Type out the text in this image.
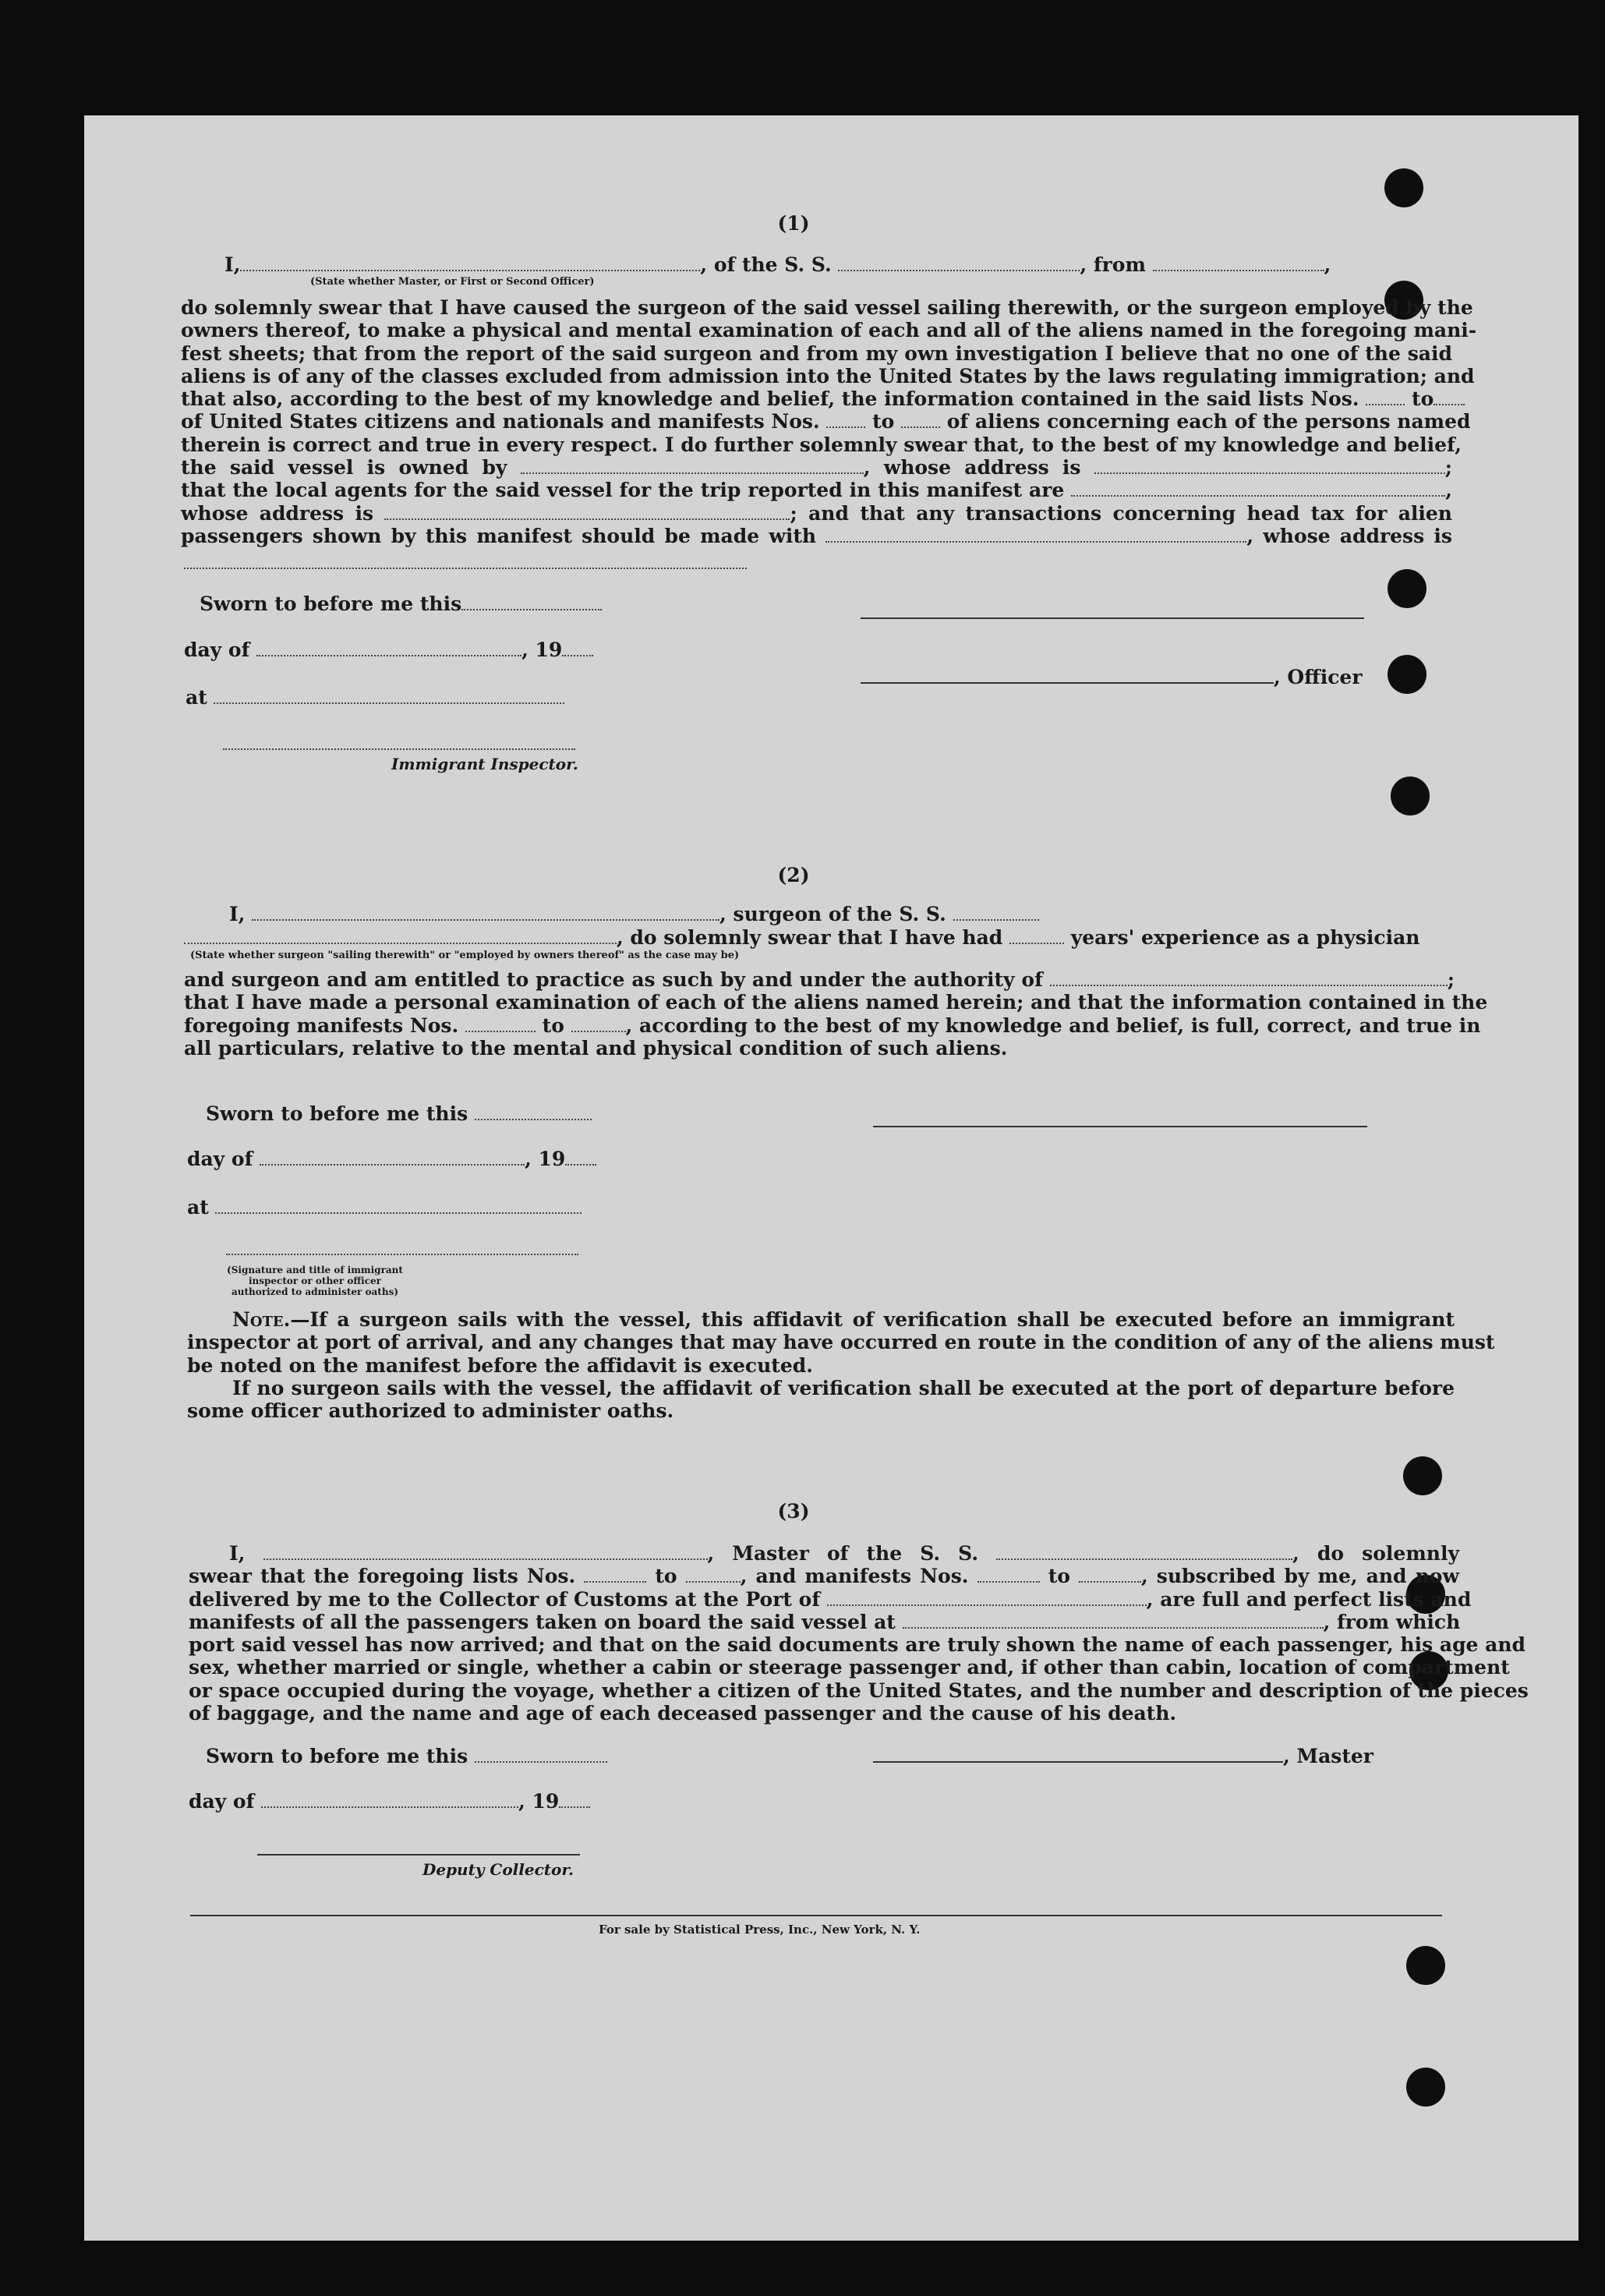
(1)
I,	, of the S. S.	, from	,
(State whether Master, or First or Second Officer)
do solemnly swear that I have caused the surgeon of the said vessel sailing therewith, or the surgeon employed by the
owners thereof, to make a physical and mental examination of each and all of the aliens named in the foregoing mani-
fest sheets; that from the report of the said surgeon and from my own investigation I believe that no one of the said
aliens is of any of the classes excluded from admission into the United States by the laws regulating immigration; and
that also, according to the best of my knowledge and belief, the information contained in the said lists Nos.	to
of United States citizens and nationals and manifests Nos.	to	of aliens concerning each of the persons named
therein is correct and true in every respect. I do further solemnly swear that, to the best of my knowledge and belief,
the said vessel is owned by	, whose address is	;
that the local agents for the said vessel for the trip reported in this manifest are	,
whose address is	; and that any transactions concerning head tax for alien
passengers shown by this manifest should be made with	, whose address is
Sworn to before me this
day of	, 19
, Officer
at
Immigrant Inspector.
(2)
I,	, surgeon of the S. S.
, do solemnly swear that I have had	years' experience as a physician
(State whether surgeon "sailing therewith" or "employed by owners thereof" as the case may be)
and surgeon and am entitled to practice as such by and under the authority of	;
that I have made a personal examination of each of the aliens named herein; and that the information contained in the
foregoing manifests Nos.	to	, according to the best of my knowledge and belief, is full, correct, and true in
all particulars, relative to the mental and physical condition of such aliens.
Sworn to before me this
day of	, 19
at
(Signature and title of immigrant inspector or other officer authorized to administer oaths)
Note.—If a surgeon sails with the vessel, this affidavit of verification shall be executed before an immigrant
inspector at port of arrival, and any changes that may have occurred en route in the condition of any of the aliens must
be noted on the manifest before the affidavit is executed.
If no surgeon sails with the vessel, the affidavit of verification shall be executed at the port of departure before
some officer authorized to administer oaths.
(3)
I,	, Master of the S. S.	, do solemnly
swear that the foregoing lists Nos.	to	, and manifests Nos.	to	, subscribed by me, and now
delivered by me to the Collector of Customs at the Port of	, are full and perfect lists and
manifests of all the passengers taken on board the said vessel at	, from which
port said vessel has now arrived; and that on the said documents are truly shown the name of each passenger, his age and
sex, whether married or single, whether a cabin or steerage passenger and, if other than cabin, location of compartment
or space occupied during the voyage, whether a citizen of the United States, and the number and description of the pieces
of baggage, and the name and age of each deceased passenger and the cause of his death.
Sworn to before me this	, Master
day of	, 19
Deputy Collector.
For sale by Statistical Press, Inc., New York, N. Y.
